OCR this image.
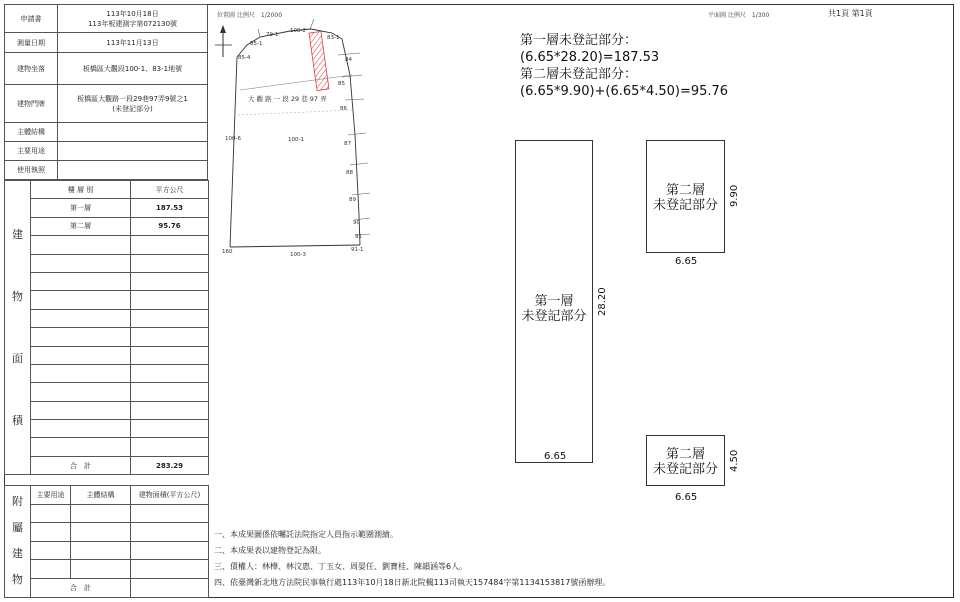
申請書	113年10月18日
113年板建測字第072130號

測量日期	113年11月13日
建物坐落	板橋區大觀段100-1、83-1地號
建物門牌	板橋區大觀路一段29巷97弄9號之1
(未登記部分)

主體結構	
主要用途	
使用執照	
建
物
面
積	樓 層 別	平方公尺
	第一層	187.53
	第二層	95.76

	合　計	283.29
附
屬
建
物	主要用途	主體結構	建物面積(平方公尺)

	合　計		
位置圖 比例尺　1/2000
100-2
79-1
85-1
85-4
83-1
84
85
86
87
88
89
90
91
91-1
100-1
100-6
100-3
160
大 觀 路 一 段 29 巷 97 弄
平面圖 比例尺　1/300	共1頁 第1頁
第一層未登記部分：
(6.65*28.20)=187.53
第二層未登記部分：
(6.65*9.90)+(6.65*4.50)=95.76
第一層
未登記部分
6.65
28.20
第二層
未登記部分
6.65
9.90
第二層
未登記部分
6.65
4.50
一、本成果圖係依囑託法院指定人員指示範圍測繪。
二、本成果表以建物登記為限。
三、債權人：林樺、林汶惠、丁玉女、周晏任、劉寶桂、陳韻涵等6人。
四、依臺灣新北地方法院民事執行處113年10月18日新北院楓113司執天157484字第1134153817號函辦理。
